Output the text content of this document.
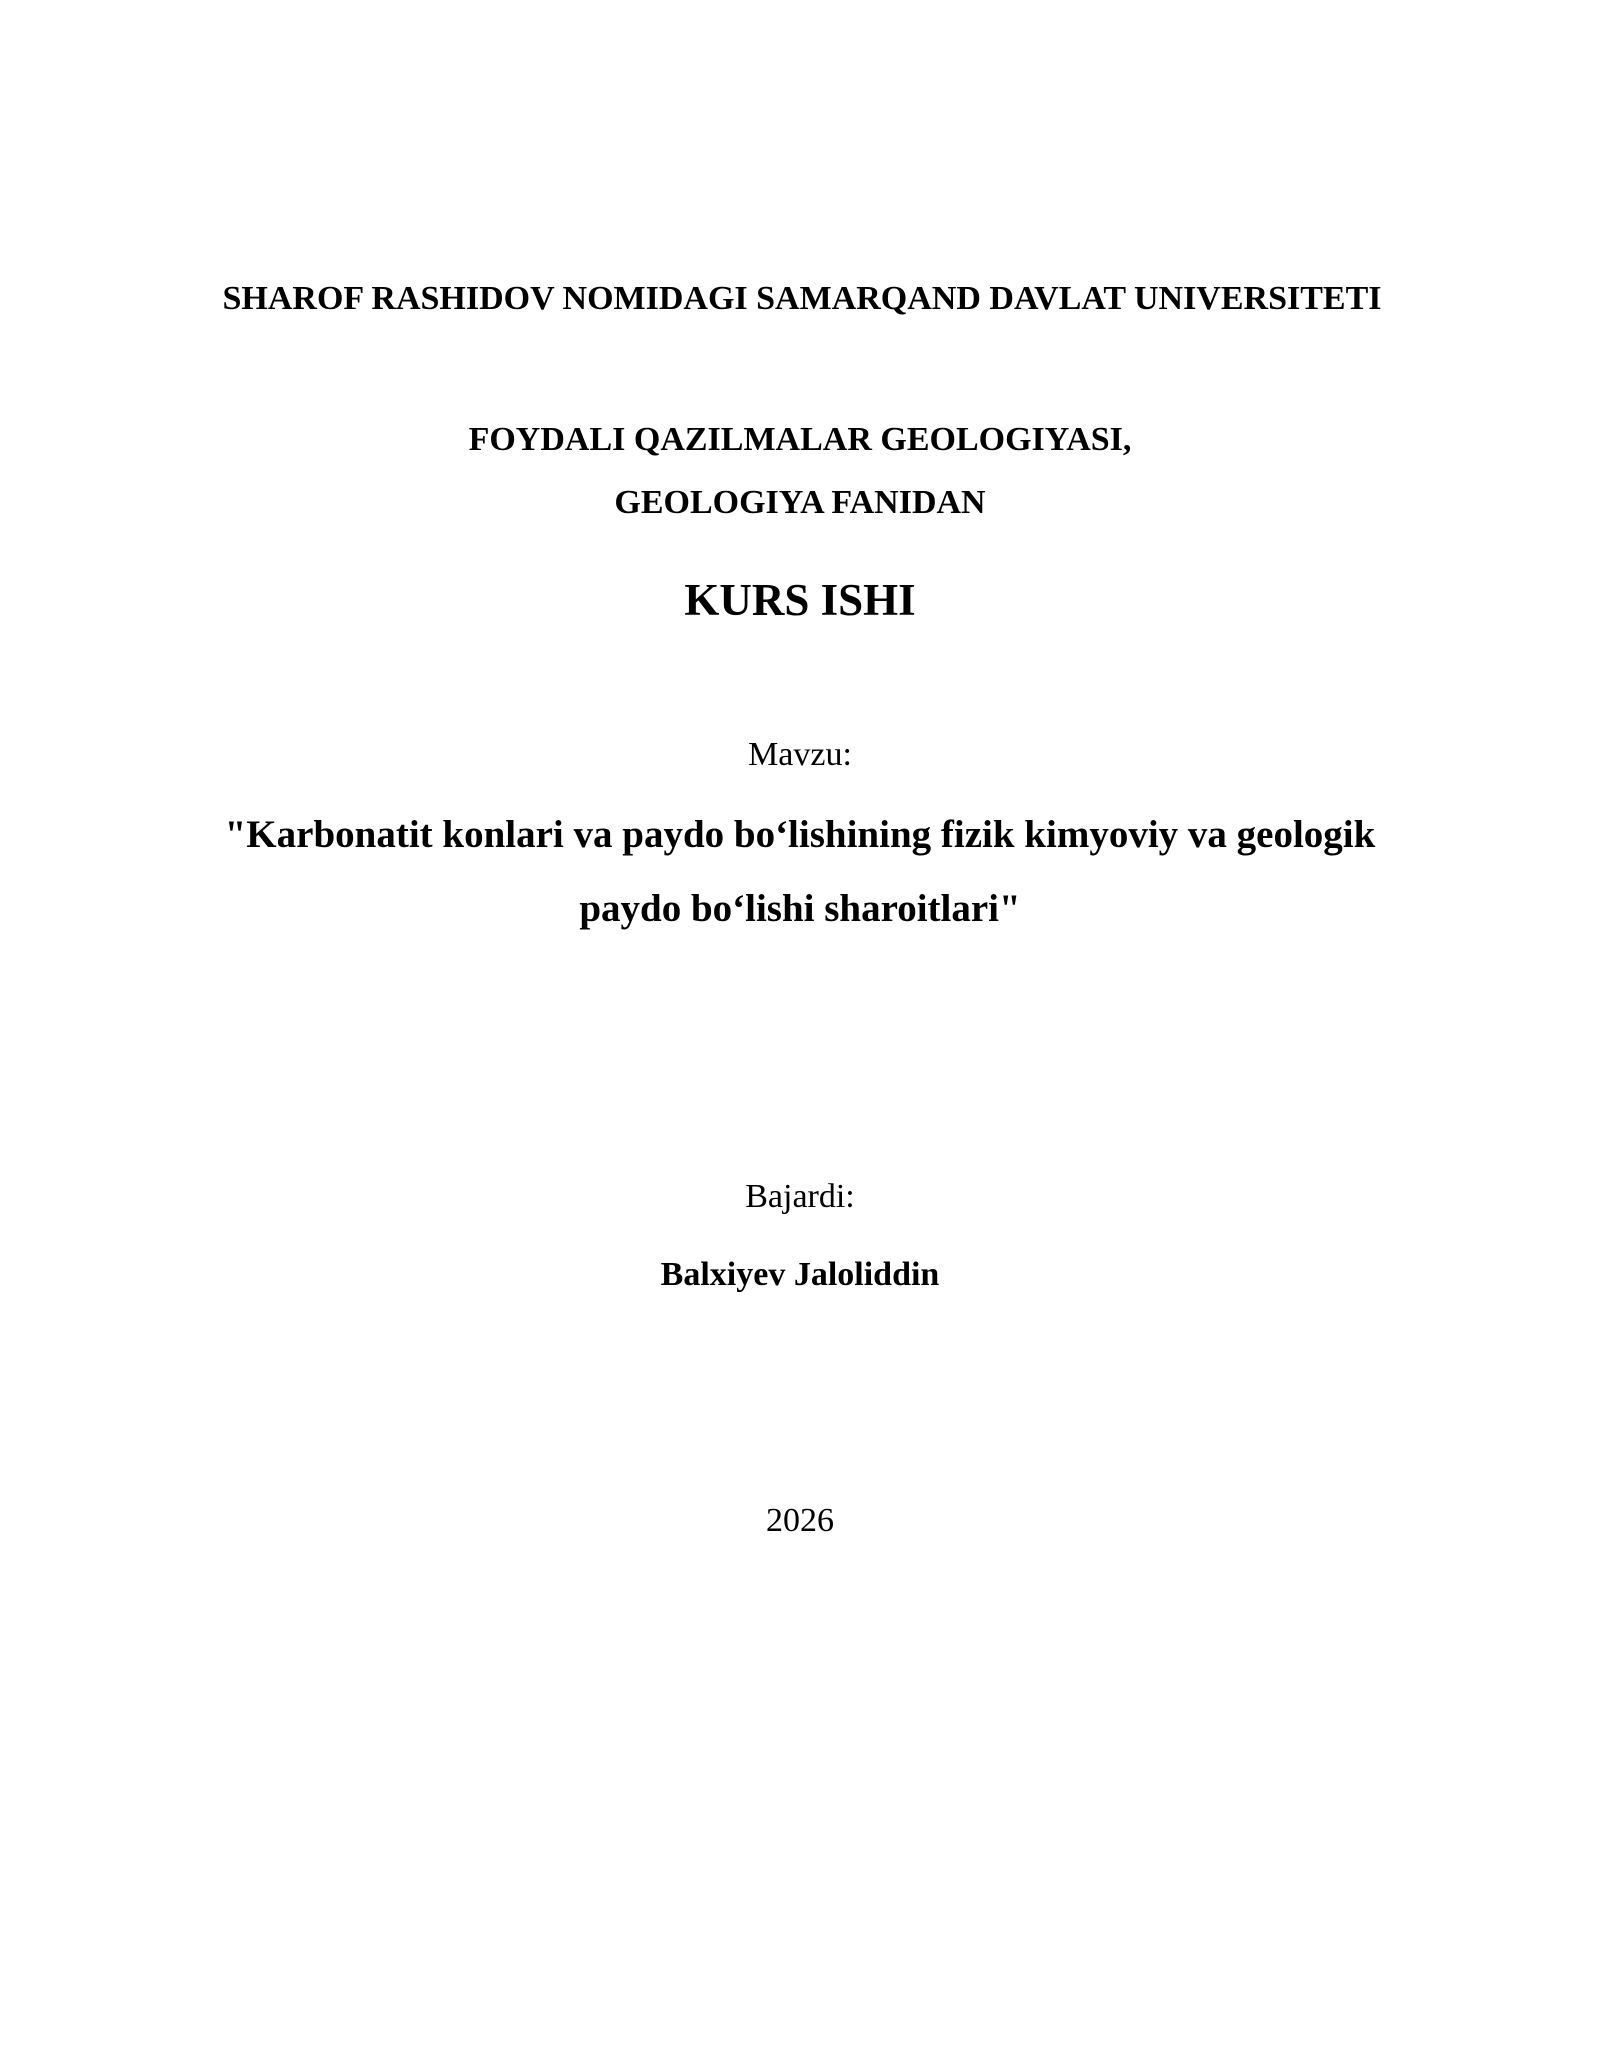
SHAROF RASHIDOV NOMIDAGI SAMARQAND DAVLAT UNIVERSITETI
FOYDALI QAZILMALAR GEOLOGIYASI,
GEOLOGIYA FANIDAN
KURS ISHI
Mavzu:
"Karbonatit konlari va paydo bo‘lishining fizik kimyoviy va geologik
paydo bo‘lishi sharoitlari"
Bajardi:
Balxiyev Jaloliddin
2026
